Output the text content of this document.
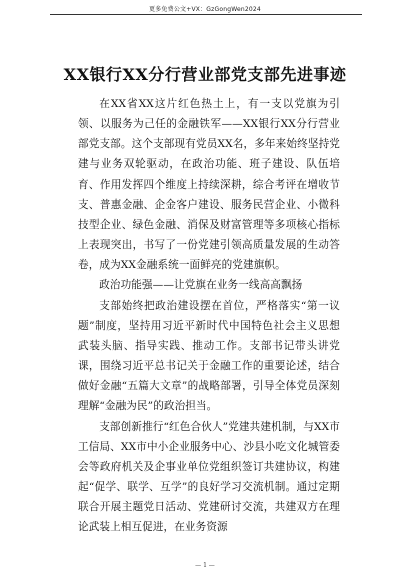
更多免费公文+VX：GzGongWen2024
XX银行XX分行营业部党支部先进事迹

在XX省XX这片红色热土上，有一支以党旗为引领、以服务为己任的金融铁军——XX银行XX分行营业部党支部。这个支部现有党员XX名，多年来始终坚持党建与业务双轮驱动，在政治功能、班子建设、队伍培育、作用发挥四个维度上持续深耕，综合考评在增收节支、普惠金融、企金客户建设、服务民营企业、小微科技型企业、绿色金融、消保及财富管理等多项核心指标上表现突出，书写了一份党建引领高质量发展的生动答卷，成为XX金融系统一面鲜亮的党建旗帜。

政治功能强——让党旗在业务一线高高飘扬

支部始终把政治建设摆在首位，严格落实“第一议题”制度，坚持用习近平新时代中国特色社会主义思想武装头脑、指导实践、推动工作。支部书记带头讲党课，围绕习近平总书记关于金融工作的重要论述，结合做好金融“五篇大文章”的战略部署，引导全体党员深刻理解“金融为民”的政治担当。

支部创新推行“红色合伙人”党建共建机制，与XX市工信局、XX市中小企业服务中心、沙县小吃文化城管委会等政府机关及企事业单位党组织签订共建协议，构建起“促学、联学、互学”的良好学习交流机制。通过定期联合开展主题党日活动、党建研讨交流，共建双方在理论武装上相互促进，在业务资源

— 1 —
